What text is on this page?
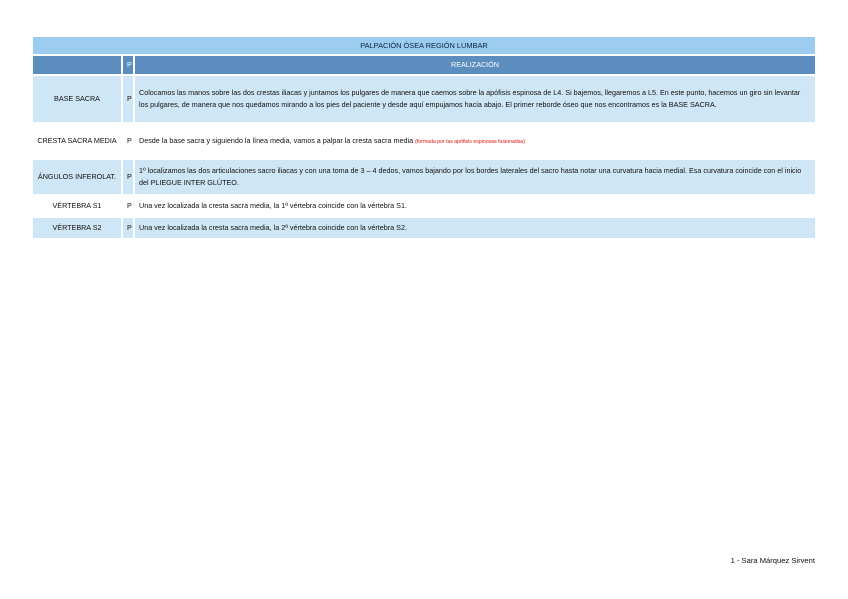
PALPACIÓN ÓSEA REGIÓN LUMBAR		
	P	REALIZACIÓN
BASE SACRA	P	Colocamos las manos sobre las dos crestas iliacas y juntamos los pulgares de manera que caemos sobre la apófisis espinosa de L4. Si bajemos, llegaremos a L5. En este punto, hacemos un giro sin levantar los pulgares, de manera que nos quedamos mirando a los pies del paciente y desde aquí empujamos hacia abajo. El primer reborde óseo que nos encontramos es la BASE SACRA.
CRESTA SACRA MEDIA	P	Desde la base sacra y siguiendo la línea media, vamos a palpar la cresta sacra media (formada por las apófisis espinosas fusionadas)
ÁNGULOS INFEROLAT.	P	1º localizamos las dos articulaciones sacro iliacas y con una toma de 3 – 4 dedos, vamos bajando por los bordes laterales del sacro hasta notar una curvatura hacia medial. Esa curvatura coincide con el inicio del PLIEGUE INTER GLÚTEO.
VÉRTEBRA S1	P	Una vez localizada la cresta sacra media, la 1ª vértebra coincide con la vértebra S1.
VÉRTEBRA S2	P	Una vez localizada la cresta sacra media, la 2ª vértebra coincide con la vértebra S2.
1 - Sara Márquez Sirvent
